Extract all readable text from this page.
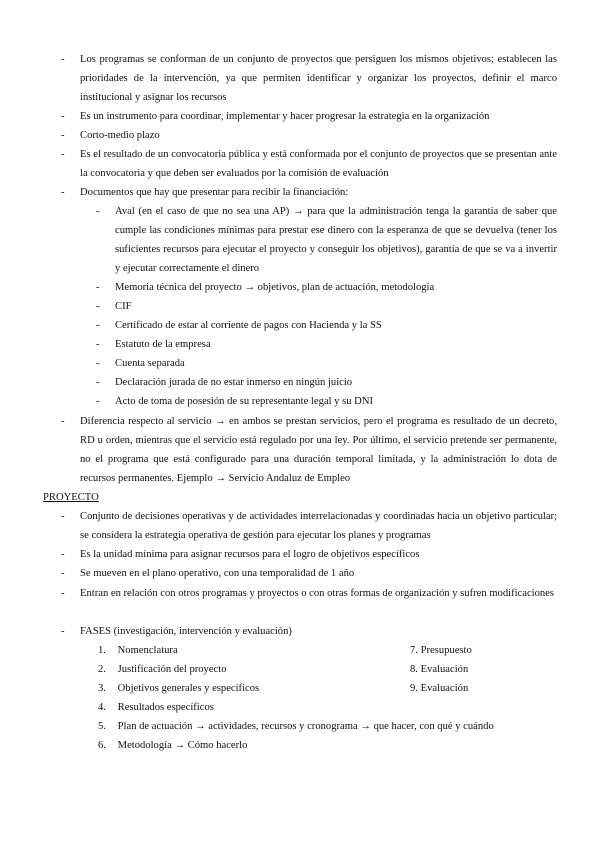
- Los programas se conforman de un conjunto de proyectos que persiguen los mismos objetivos; establecen las prioridades de la intervención, ya que permiten identificar y organizar los proyectos, definir el marco institucional y asignar los recursos
- Es un instrumento para coordinar, implementar y hacer progresar la estrategia en la organización
- Corto-medio plazo
- Es el resultado de un convocatoria pública y está conformada por el conjunto de proyectos que se presentan ante la convocatoria y que deben ser evaluados por la comisión de evaluación
- Documentos que hay que presentar para recibir la financiación:
- Aval (en el caso de que no sea una AP) → para que la administración tenga la garantía de saber que cumple las condiciones mínimas para prestar ese dinero con la esperanza de que se devuelva (tener los suficientes recursos para ejecutar el proyecto y conseguir los objetivos), garantía de que se va a invertir y ejecutar correctamente el dinero
- Memoria técnica del proyecto → objetivos, plan de actuación, metodología
- CIF
- Certificado de estar al corriente de pagos con Hacienda y la SS
- Estatuto de la empresa
- Cuenta separada
- Declaración jurada de no estar inmerso en ningún juicio
- Acto de toma de posesión de su representante legal y su DNI
- Diferencia respecto al servicio → en ambos se prestan servicios, pero el programa es resultado de un decreto, RD u orden, mientras que el servicio está regulado por una ley. Por último, el servicio pretende ser permanente, no el programa que está configurado para una duración temporal limitada, y la administración lo dota de recursos permanentes. Ejemplo → Servicio Andaluz de Empleo
PROYECTO
- Conjunto de decisiones operativas y de actividades interrelacionadas y coordinadas hacia un objetivo particular; se considera la estrategia operativa de gestión para ejecutar los planes y programas
- Es la unidad mínima para asignar recursos para el logro de objetivos específicos
- Se mueven en el plano operativo, con una temporalidad de 1 año
- Entran en relación con otros programas y proyectos o con otras formas de organización y sufren modificaciones
- FASES (investigación, intervención y evaluación)
1. Nomenclatura
2. Justificación del proyecto
3. Objetivos generales y específicos
4. Resultados específicos
5. Plan de actuación → actividades, recursos y cronograma → que hacer, con qué y cuándo
6. Metodología → Cómo hacerlo
7. Presupuesto
8. Evaluación
9. Evaluación
